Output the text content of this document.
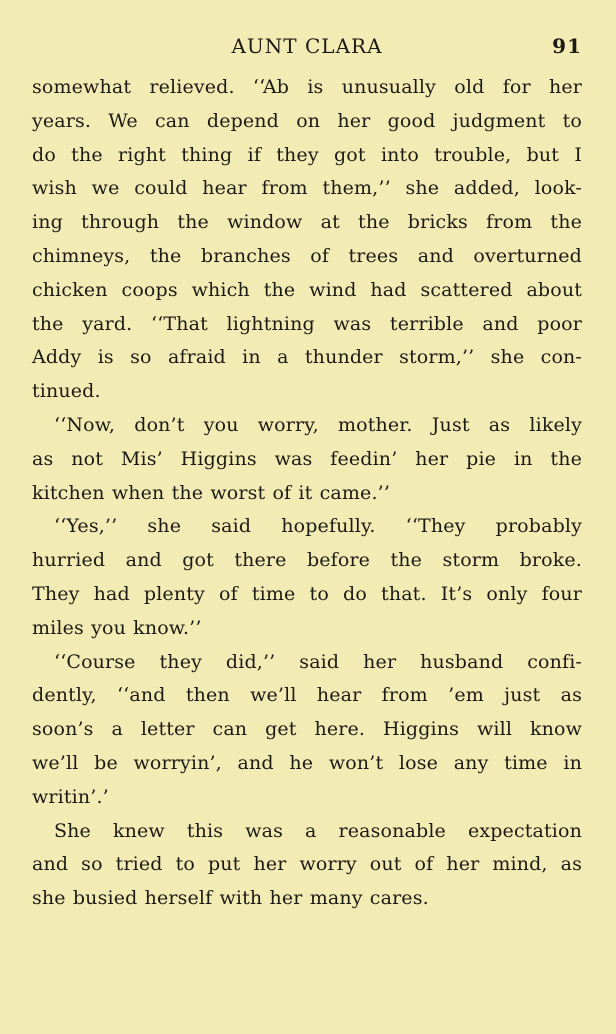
AUNT CLARA	91
somewhat relieved. ‘‘Ab is unusually old for her
years. We can depend on her good judgment to
do the right thing if they got into trouble, but I
wish we could hear from them,’’ she added, look-
ing through the window at the bricks from the
chimneys, the branches of trees and overturned
chicken coops which the wind had scattered about
the yard. ‘‘That lightning was terrible and poor
Addy is so afraid in a thunder storm,’’ she con-
tinued.
‘‘Now, don’t you worry, mother. Just as likely
as not Mis’ Higgins was feedin’ her pie in the
kitchen when the worst of it came.’’
‘‘Yes,’’ she said hopefully. ‘‘They probably
hurried and got there before the storm broke.
They had plenty of time to do that. It’s only four
miles you know.’’
‘‘Course they did,’’ said her husband confi-
dently, ‘‘and then we’ll hear from ’em just as
soon’s a letter can get here. Higgins will know
we’ll be worryin’, and he won’t lose any time in
writin’.’
She knew this was a reasonable expectation
and so tried to put her worry out of her mind, as
she busied herself with her many cares.
